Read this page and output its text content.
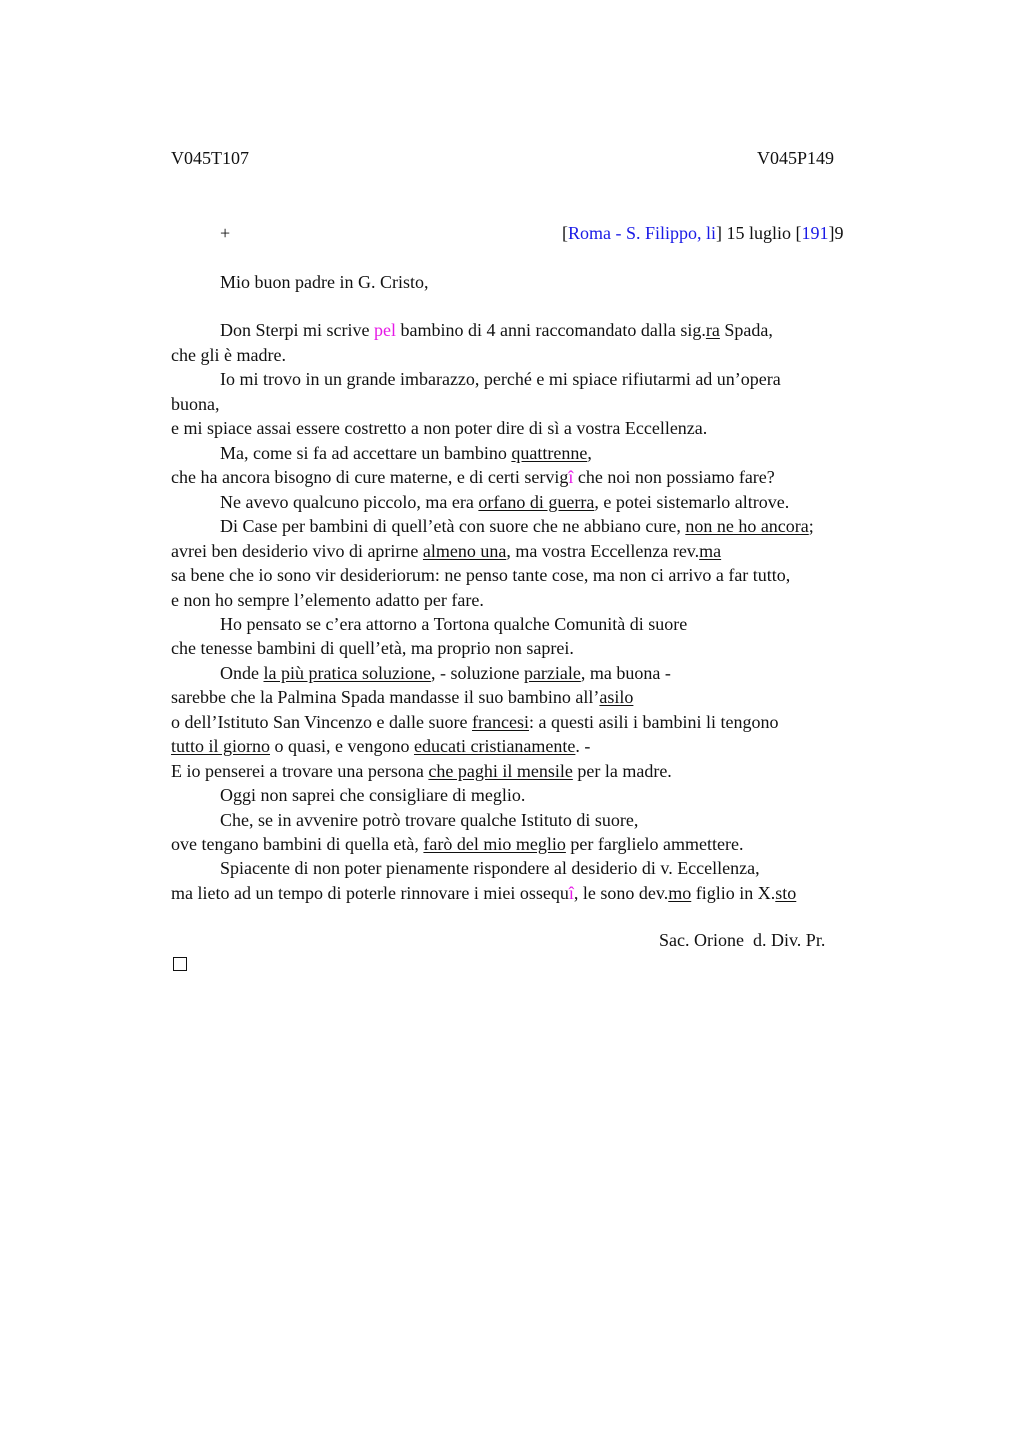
V045T107	V045P149
+	[Roma - S. Filippo, li] 15 luglio [191]9
Mio buon padre in G. Cristo,
Don Sterpi mi scrive pel bambino di 4 anni raccomandato dalla sig.ra Spada,
che gli è madre.
Io mi trovo in un grande imbarazzo, perché e mi spiace rifiutarmi ad un’opera
buona,
e mi spiace assai essere costretto a non poter dire di sì a vostra Eccellenza.
Ma, come si fa ad accettare un bambino quattrenne,
che ha ancora bisogno di cure materne, e di certi servigî che noi non possiamo fare?
Ne avevo qualcuno piccolo, ma era orfano di guerra, e potei sistemarlo altrove.
Di Case per bambini di quell’età con suore che ne abbiano cure, non ne ho ancora;
avrei ben desiderio vivo di aprirne almeno una, ma vostra Eccellenza rev.ma
sa bene che io sono vir desideriorum: ne penso tante cose, ma non ci arrivo a far tutto,
e non ho sempre l’elemento adatto per fare.
Ho pensato se c’era attorno a Tortona qualche Comunità di suore
che tenesse bambini di quell’età, ma proprio non saprei.
Onde la più pratica soluzione, - soluzione parziale, ma buona -
sarebbe che la Palmina Spada mandasse il suo bambino all’asilo
o dell’Istituto San Vincenzo e dalle suore francesi: a questi asili i bambini li tengono
tutto il giorno o quasi, e vengono educati cristianamente. -
E io penserei a trovare una persona che paghi il mensile per la madre.
Oggi non saprei che consigliare di meglio.
Che, se in avvenire potrò trovare qualche Istituto di suore,
ove tengano bambini di quella età, farò del mio meglio per farglielo ammettere.
Spiacente di non poter pienamente rispondere al desiderio di v. Eccellenza,
ma lieto ad un tempo di poterle rinnovare i miei ossequî, le sono dev.mo figlio in X.sto
Sac. Orione  d. Div. Pr.
